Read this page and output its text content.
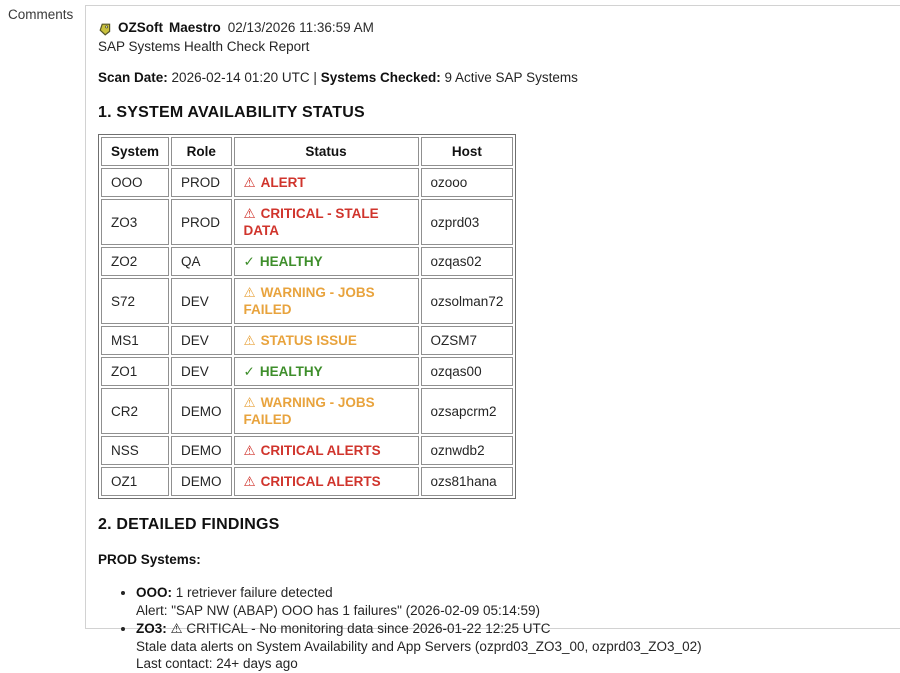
Comments
OZSoft Maestro 02/13/2026 11:36:59 AM
SAP Systems Health Check Report
Scan Date: 2026-02-14 01:20 UTC | Systems Checked: 9 Active SAP Systems
1. SYSTEM AVAILABILITY STATUS
System	Role	Status	Host
OOO	PROD	⚠ ALERT	ozooo
ZO3	PROD	⚠ CRITICAL - STALE DATA	ozprd03
ZO2	QA	✓ HEALTHY	ozqas02
S72	DEV	⚠ WARNING - JOBS FAILED	ozsolman72
MS1	DEV	⚠ STATUS ISSUE	OZSM7
ZO1	DEV	✓ HEALTHY	ozqas00
CR2	DEMO	⚠ WARNING - JOBS FAILED	ozsapcrm2
NSS	DEMO	⚠ CRITICAL ALERTS	oznwdb2
OZ1	DEMO	⚠ CRITICAL ALERTS	ozs81hana
2. DETAILED FINDINGS
PROD Systems:
• OOO: 1 retriever failure detected
Alert: "SAP NW (ABAP) OOO has 1 failures" (2026-02-09 05:14:59)
• ZO3: ⚠ CRITICAL - No monitoring data since 2026-01-22 12:25 UTC
Stale data alerts on System Availability and App Servers (ozprd03_ZO3_00, ozprd03_ZO3_02)
Last contact: 24+ days ago
